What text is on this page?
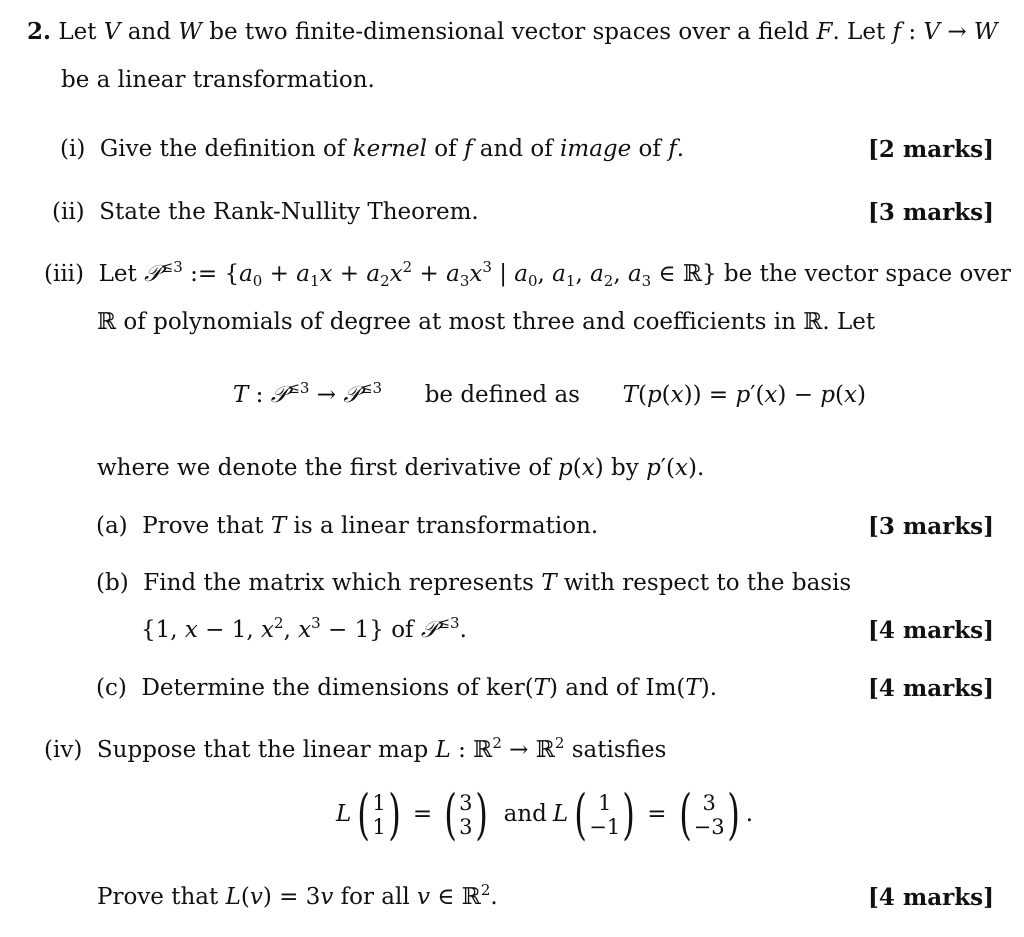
2. Let V and W be two finite-dimensional vector spaces over a field F. Let f : V → W
be a linear transformation.
(i)  Give the definition of kernel of f and of image of f.	[2 marks]
(ii)  State the Rank-Nullity Theorem.	[3 marks]
(iii)  Let 𝒫$^{\le 3}$ := {$a_0 + a_1x + a_2x^2 + a_3x^3$ | $a_0$, $a_1$, $a_2$, $a_3$ ∈ ℝ} be the vector space over
ℝ of polynomials of degree at most three and coefficients in ℝ. Let
T : 𝒫$^{\le 3}$ → 𝒫$^{\le 3}$ be defined as T(p(x)) = p′(x) − p(x)
where we denote the first derivative of p(x) by p′(x).
(a)  Prove that T is a linear transformation.	[3 marks]
(b)  Find the matrix which represents T with respect to the basis
{1, x − 1, $x^2$, $x^3 - 1$} of 𝒫$^{\le 3}$.	[4 marks]
(c)  Determine the dimensions of ker(T) and of Im(T).	[4 marks]
(iv)  Suppose that the linear map L : ℝ$^2$ → ℝ$^2$ satisfies
L ( 1
1 ) = ( 3
3 ) and L ( 1
−1 ) = ( 3
−3 ) .
Prove that L(v) = 3v for all v ∈ ℝ$^2$.	[4 marks]
